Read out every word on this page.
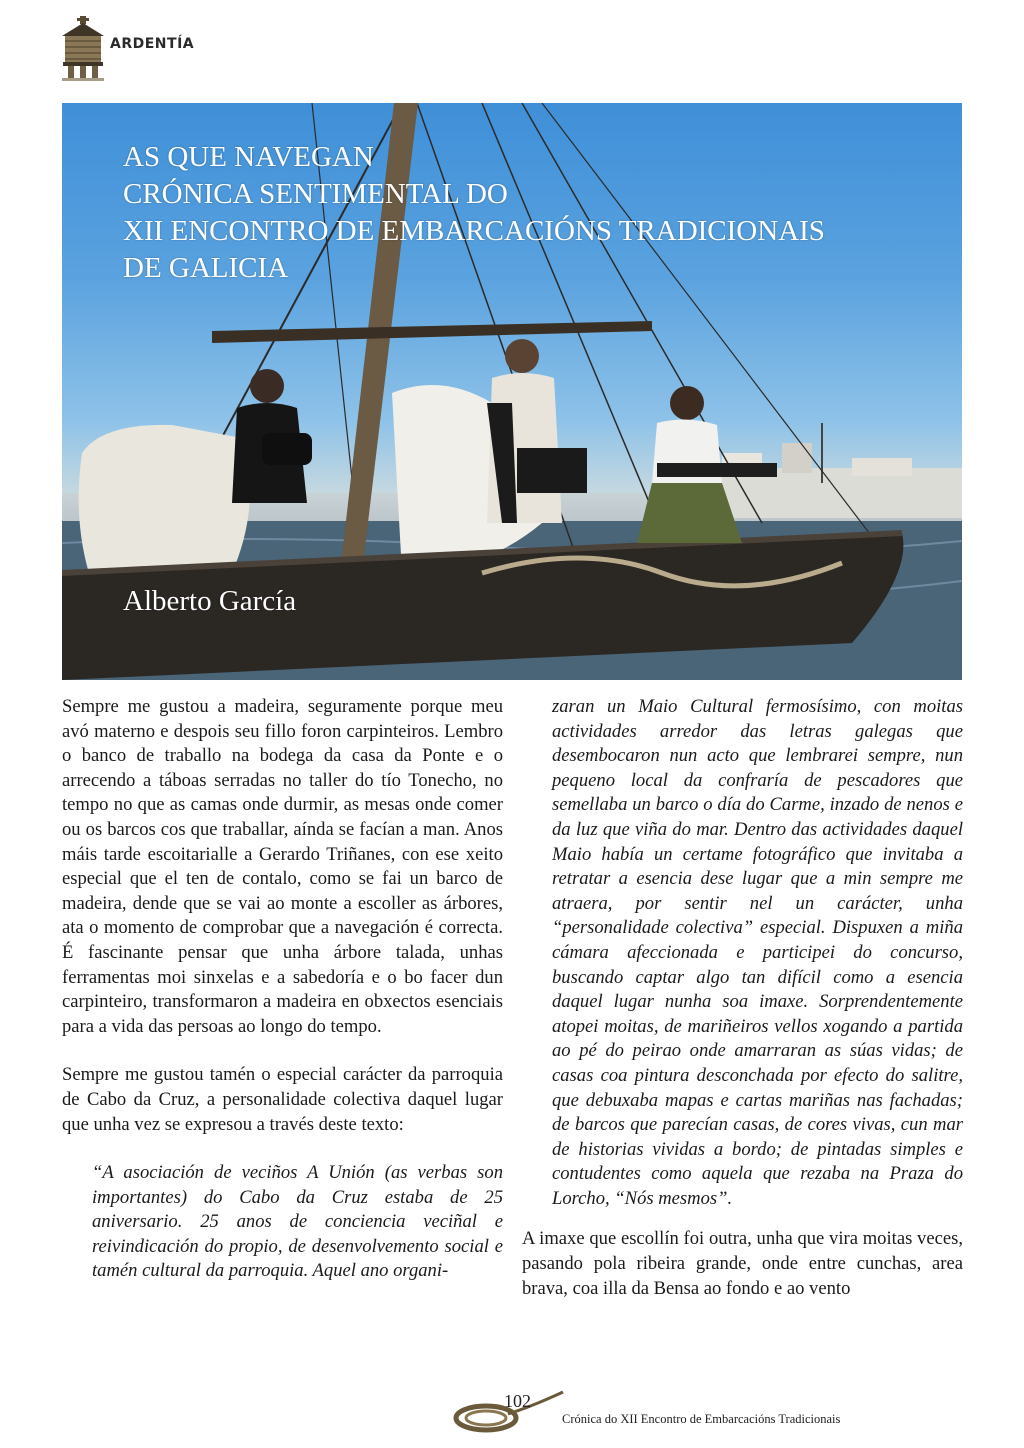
ARDENTÍA
AS QUE NAVEGAN
CRÓNICA SENTIMENTAL DO
XII ENCONTRO DE EMBARCACIÓNS TRADICIONAIS
DE GALICIA
Alberto García

Sempre me gustou a madeira, seguramente porque meu avó materno e despois seu fillo foron carpinteiros. Lembro o banco de traballo na bodega da casa da Ponte e o arrecendo a táboas serradas no taller do tío Tonecho, no tempo no que as camas onde durmir, as mesas onde comer ou os barcos cos que traballar, aínda se facían a man. Anos máis tarde escoitarialle a Gerardo Triñanes, con ese xeito especial que el ten de contalo, como se fai un barco de madeira, dende que se vai ao monte a escoller as árbores, ata o momento de comprobar que a navegación é correcta. É fascinante pensar que unha árbore talada, unhas ferramentas moi sinxelas e a sabedoría e o bo facer dun carpinteiro, transformaron a madeira en obxectos esenciais para a vida das persoas ao longo do tempo.

Sempre me gustou tamén o especial carácter da parroquia de Cabo da Cruz, a personalidade colectiva daquel lugar que unha vez se expresou a través deste texto:

“A asociación de veciños A Unión (as verbas son importantes) do Cabo da Cruz estaba de 25 aniversario. 25 anos de conciencia veciñal e reivindicación do propio, de desenvolvemento social e tamén cultural da parroquia. Aquel ano organi-

zaran un Maio Cultural fermosísimo, con moitas actividades arredor das letras galegas que desembocaron nun acto que lembrarei sempre, nun pequeno local da confraría de pescadores que semellaba un barco o día do Carme, inzado de nenos e da luz que viña do mar. Dentro das actividades daquel Maio había un certame fotográfico que invitaba a retratar a esencia dese lugar que a min sempre me atraera, por sentir nel un carácter, unha “personalidade colectiva” especial. Dispuxen a miña cámara afeccionada e participei do concurso, buscando captar algo tan difícil como a esencia daquel lugar nunha soa imaxe. Sorprendentemente atopei moitas, de mariñeiros vellos xogando a partida ao pé do peirao onde amarraran as súas vidas; de casas coa pintura desconchada por efecto do salitre, que debuxaba mapas e cartas mariñas nas fachadas; de barcos que parecían casas, de cores vivas, cun mar de historias vividas a bordo; de pintadas simples e contudentes como aquela que rezaba na Praza do Lorcho, “Nós mesmos”.

A imaxe que escollín foi outra, unha que vira moitas veces, pasando pola ribeira grande, onde entre cunchas, area brava, coa illa da Bensa ao fondo e ao vento

102
Crónica do XII Encontro de Embarcacións Tradicionais
